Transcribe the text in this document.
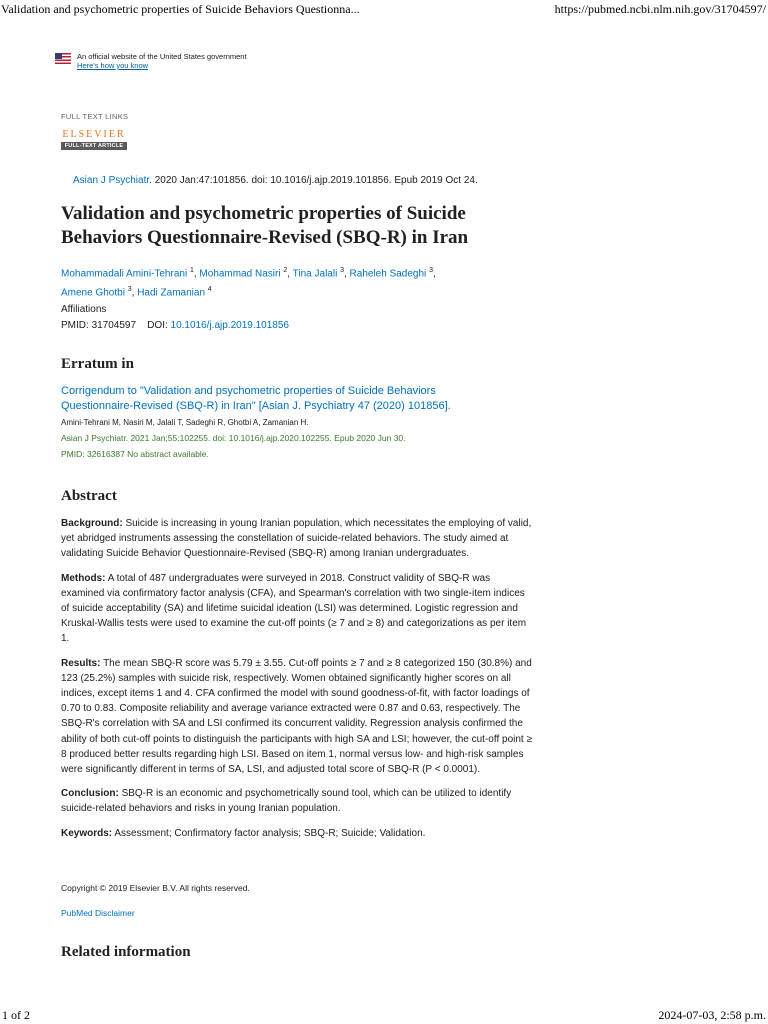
Validation and psychometric properties of Suicide Behaviors Questionna...	https://pubmed.ncbi.nlm.nih.gov/31704597/
An official website of the United States government
Here's how you know
FULL TEXT LINKS
ELSEVIER
FULL-TEXT ARTICLE
Asian J Psychiatr. 2020 Jan:47:101856. doi: 10.1016/j.ajp.2019.101856. Epub 2019 Oct 24.
Validation and psychometric properties of Suicide Behaviors Questionnaire-Revised (SBQ-R) in Iran
Mohammadali Amini-Tehrani $^1$, Mohammad Nasiri $^2$, Tina Jalali $^3$, Raheleh Sadeghi $^3$,
Amene Ghotbi $^3$, Hadi Zamanian $^4$
Affiliations
PMID: 31704597 DOI: 10.1016/j.ajp.2019.101856
Erratum in
Corrigendum to "Validation and psychometric properties of Suicide Behaviors Questionnaire-Revised (SBQ-R) in Iran" [Asian J. Psychiatry 47 (2020) 101856].
Amini-Tehrani M, Nasiri M, Jalali T, Sadeghi R, Ghotbi A, Zamanian H.
Asian J Psychiatr. 2021 Jan;55:102255. doi: 10.1016/j.ajp.2020.102255. Epub 2020 Jun 30.
PMID: 32616387 No abstract available.
Abstract

Background: Suicide is increasing in young Iranian population, which necessitates the employing of valid, yet abridged instruments assessing the constellation of suicide-related behaviors. The study aimed at validating Suicide Behavior Questionnaire-Revised (SBQ-R) among Iranian undergraduates.

Methods: A total of 487 undergraduates were surveyed in 2018. Construct validity of SBQ-R was examined via confirmatory factor analysis (CFA), and Spearman's correlation with two single-item indices of suicide acceptability (SA) and lifetime suicidal ideation (LSI) was determined. Logistic regression and Kruskal-Wallis tests were used to examine the cut-off points (≥ 7 and ≥ 8) and categorizations as per item 1.

Results: The mean SBQ-R score was 5.79 ± 3.55. Cut-off points ≥ 7 and ≥ 8 categorized 150 (30.8%) and 123 (25.2%) samples with suicide risk, respectively. Women obtained significantly higher scores on all indices, except items 1 and 4. CFA confirmed the model with sound goodness-of-fit, with factor loadings of 0.70 to 0.83. Composite reliability and average variance extracted were 0.87 and 0.63, respectively. The SBQ-R's correlation with SA and LSI confirmed its concurrent validity. Regression analysis confirmed the ability of both cut-off points to distinguish the participants with high SA and LSI; however, the cut-off point ≥ 8 produced better results regarding high LSI. Based on item 1, normal versus low- and high-risk samples were significantly different in terms of SA, LSI, and adjusted total score of SBQ-R (P < 0.0001).

Conclusion: SBQ-R is an economic and psychometrically sound tool, which can be utilized to identify suicide-related behaviors and risks in young Iranian population.

Keywords: Assessment; Confirmatory factor analysis; SBQ-R; Suicide; Validation.

Copyright © 2019 Elsevier B.V. All rights reserved.
PubMed Disclaimer
Related information
1 of 2	2024-07-03, 2:58 p.m.
